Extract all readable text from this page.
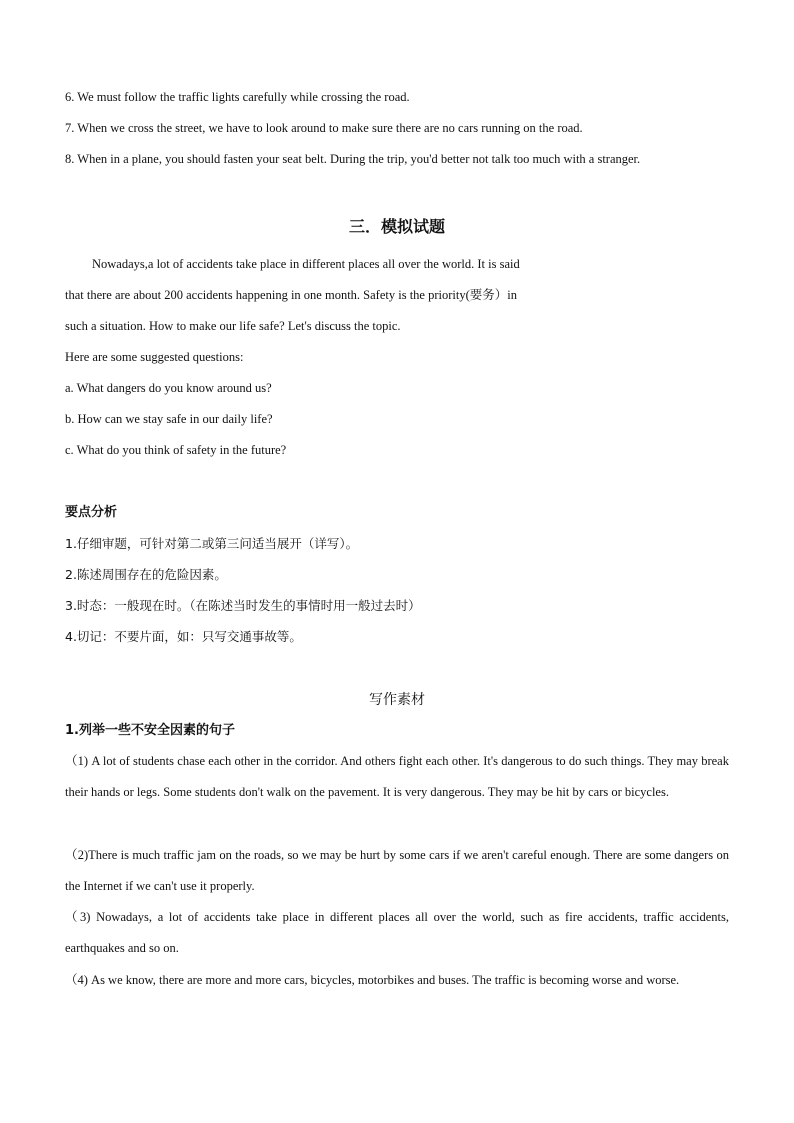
6. We must follow the traffic lights carefully while crossing the road.
7. When we cross the street, we have to look around to make sure there are no cars running on the road.
8. When in a plane, you should fasten your seat belt. During the trip, you'd better not talk too much with a stranger.
三．模拟试题
Nowadays,a lot of accidents take place in different places all over the world. It is said
that there are about 200 accidents happening in one month. Safety is the priority(要务）in
such a situation. How to make our life safe? Let's discuss the topic.
Here are some suggested questions:
a. What dangers do you know around us?
b. How can we stay safe in our daily life?
c. What do you think of safety in the future?
要点分析
1.仔细审题，可针对第二或第三问适当展开（详写）。
2.陈述周围存在的危险因素。
3.时态：一般现在时。（在陈述当时发生的事情时用一般过去时）
4.切记：不要片面，如：只写交通事故等。
写作素材
1.列举一些不安全因素的句子
（1) A lot of students chase each other in the corridor. And others fight each other. It's dangerous to do such things. They may break their hands or legs. Some students don't walk on the pavement. It is very dangerous. They may be hit by cars or bicycles.
（2)There is much traffic jam on the roads, so we may be hurt by some cars if we aren't careful enough. There are some dangers on the Internet if we can't use it properly.
（3) Nowadays, a lot of accidents take place in different places all over the world, such as fire accidents, traffic accidents, earthquakes and so on.
（4) As we know, there are more and more cars, bicycles, motorbikes and buses. The traffic is becoming worse and worse.
